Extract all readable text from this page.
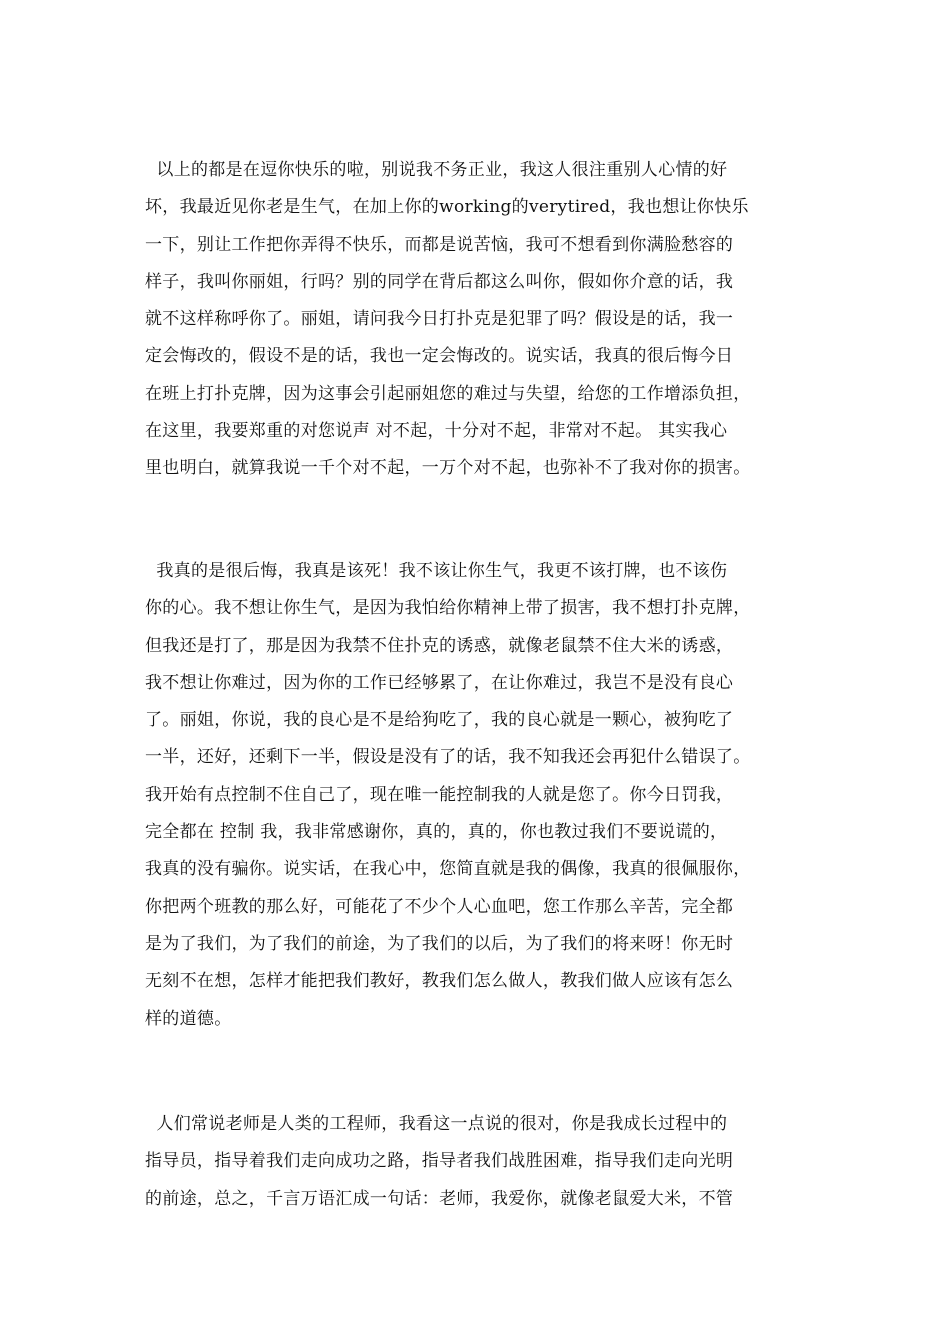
以上的都是在逗你快乐的啦，别说我不务正业，我这人很注重别人心情的好
坏，我最近见你老是生气，在加上你的working的verytired，我也想让你快乐
一下，别让工作把你弄得不快乐，而都是说苦恼，我可不想看到你满脸愁容的
样子，我叫你丽姐，行吗？别的同学在背后都这么叫你，假如你介意的话，我
就不这样称呼你了。丽姐，请问我今日打扑克是犯罪了吗？假设是的话，我一
定会悔改的，假设不是的话，我也一定会悔改的。说实话，我真的很后悔今日
在班上打扑克牌，因为这事会引起丽姐您的难过与失望，给您的工作增添负担，
在这里，我要郑重的对您说声 对不起，十分对不起，非常对不起。 其实我心
里也明白，就算我说一千个对不起，一万个对不起，也弥补不了我对你的损害。
我真的是很后悔，我真是该死！我不该让你生气，我更不该打牌，也不该伤
你的心。我不想让你生气，是因为我怕给你精神上带了损害，我不想打扑克牌，
但我还是打了，那是因为我禁不住扑克的诱惑，就像老鼠禁不住大米的诱惑，
我不想让你难过，因为你的工作已经够累了，在让你难过，我岂不是没有良心
了。丽姐，你说，我的良心是不是给狗吃了，我的良心就是一颗心，被狗吃了
一半，还好，还剩下一半，假设是没有了的话，我不知我还会再犯什么错误了。
我开始有点控制不住自己了，现在唯一能控制我的人就是您了。你今日罚我，
完全都在 控制 我，我非常感谢你，真的，真的，你也教过我们不要说谎的，
我真的没有骗你。说实话，在我心中，您简直就是我的偶像，我真的很佩服你，
你把两个班教的那么好，可能花了不少个人心血吧，您工作那么辛苦，完全都
是为了我们，为了我们的前途，为了我们的以后，为了我们的将来呀！你无时
无刻不在想，怎样才能把我们教好，教我们怎么做人，教我们做人应该有怎么
样的道德。
人们常说老师是人类的工程师，我看这一点说的很对，你是我成长过程中的
指导员，指导着我们走向成功之路，指导者我们战胜困难，指导我们走向光明
的前途，总之，千言万语汇成一句话：老师，我爱你，就像老鼠爱大米，不管
